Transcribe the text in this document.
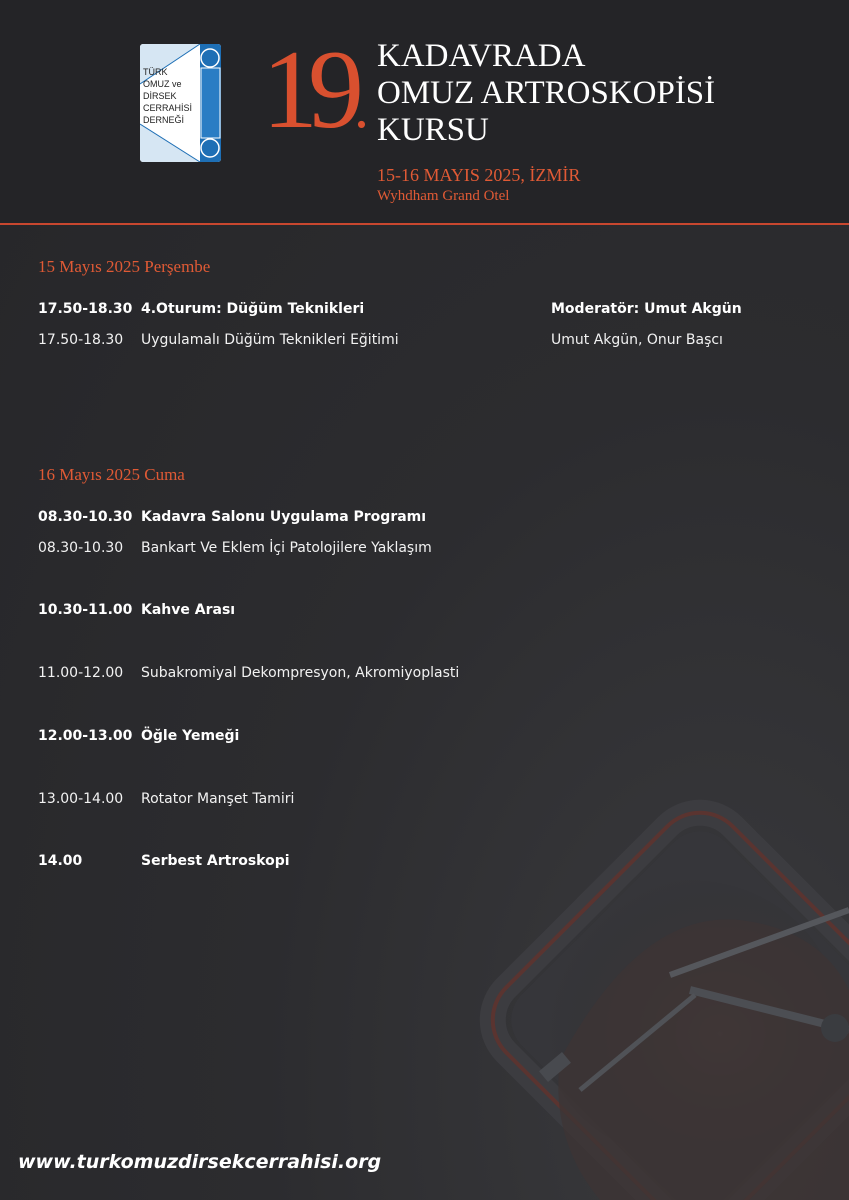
TÜRK
OMUZ ve
DİRSEK
CERRAHİSİ
DERNEĞİ 19.
KADAVRADA
OMUZ ARTROSKOPİSİ
KURSU
15-16 MAYIS 2025, İZMİR
Wyhdham Grand Otel
15 Mayıs 2025 Perşembe
17.50-18.30 4.Oturum: Düğüm Teknikleri	Moderatör: Umut Akgün
17.50-18.30 Uygulamalı Düğüm Teknikleri Eğitimi	Umut Akgün, Onur Başcı
16 Mayıs 2025 Cuma
08.30-10.30 Kadavra Salonu Uygulama Programı
08.30-10.30 Bankart Ve Eklem İçi Patolojilere Yaklaşım
10.30-11.00 Kahve Arası
11.00-12.00 Subakromiyal Dekompresyon, Akromiyoplasti
12.00-13.00 Öğle Yemeği
13.00-14.00 Rotator Manşet Tamiri
14.00	Serbest Artroskopi
www.turkomuzdirsekcerrahisi.org
